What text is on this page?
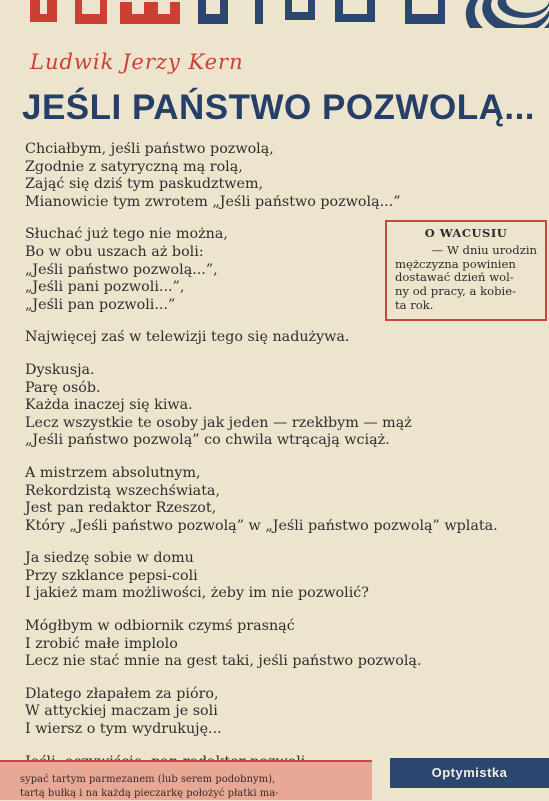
Ludwik Jerzy Kern
JEŚLI PAŃSTWO POZWOLĄ...
Chciałbym, jeśli państwo pozwolą,
Zgodnie z satyryczną mą rolą,
Zająć się dziś tym paskudztwem,
Mianowicie tym zwrotem „Jeśli państwo pozwolą...”
Słuchać już tego nie można,
Bo w obu uszach aż boli:
„Jeśli państwo pozwolą...”,
„Jeśli pani pozwoli...”,
„Jeśli pan pozwoli...”
Najwięcej zaś w telewizji tego się nadużywa.
Dyskusja.
Parę osób.
Każda inaczej się kiwa.
Lecz wszystkie te osoby jak jeden — rzekłbym — mąż
„Jeśli państwo pozwolą” co chwila wtrącają wciąż.
A mistrzem absolutnym,
Rekordzistą wszechświata,
Jest pan redaktor Rzeszot,
Który „Jeśli państwo pozwolą” w „Jeśli państwo pozwolą” wplata.
Ja siedzę sobie w domu
Przy szklance pepsi-coli
I jakież mam możliwości, żeby im nie pozwolić?
Mógłbym w odbiornik czymś prasnąć
I zrobić małe implolo
Lecz nie stać mnie na gest taki, jeśli państwo pozwolą.
Dlatego złapałem za pióro,
W attyckiej maczam je soli
I wiersz o tym wydrukuję...
O WACUSIU
— W dniu urodzin
mężczyzna powinien
dostawać dzień wol-
ny od pracy, a kobie-
ta rok.
sypać tartym parmezanem (lub serem podobnym),
tartą bułką i na każdą pieczarkę położyć płatki ma-
Optymistka
